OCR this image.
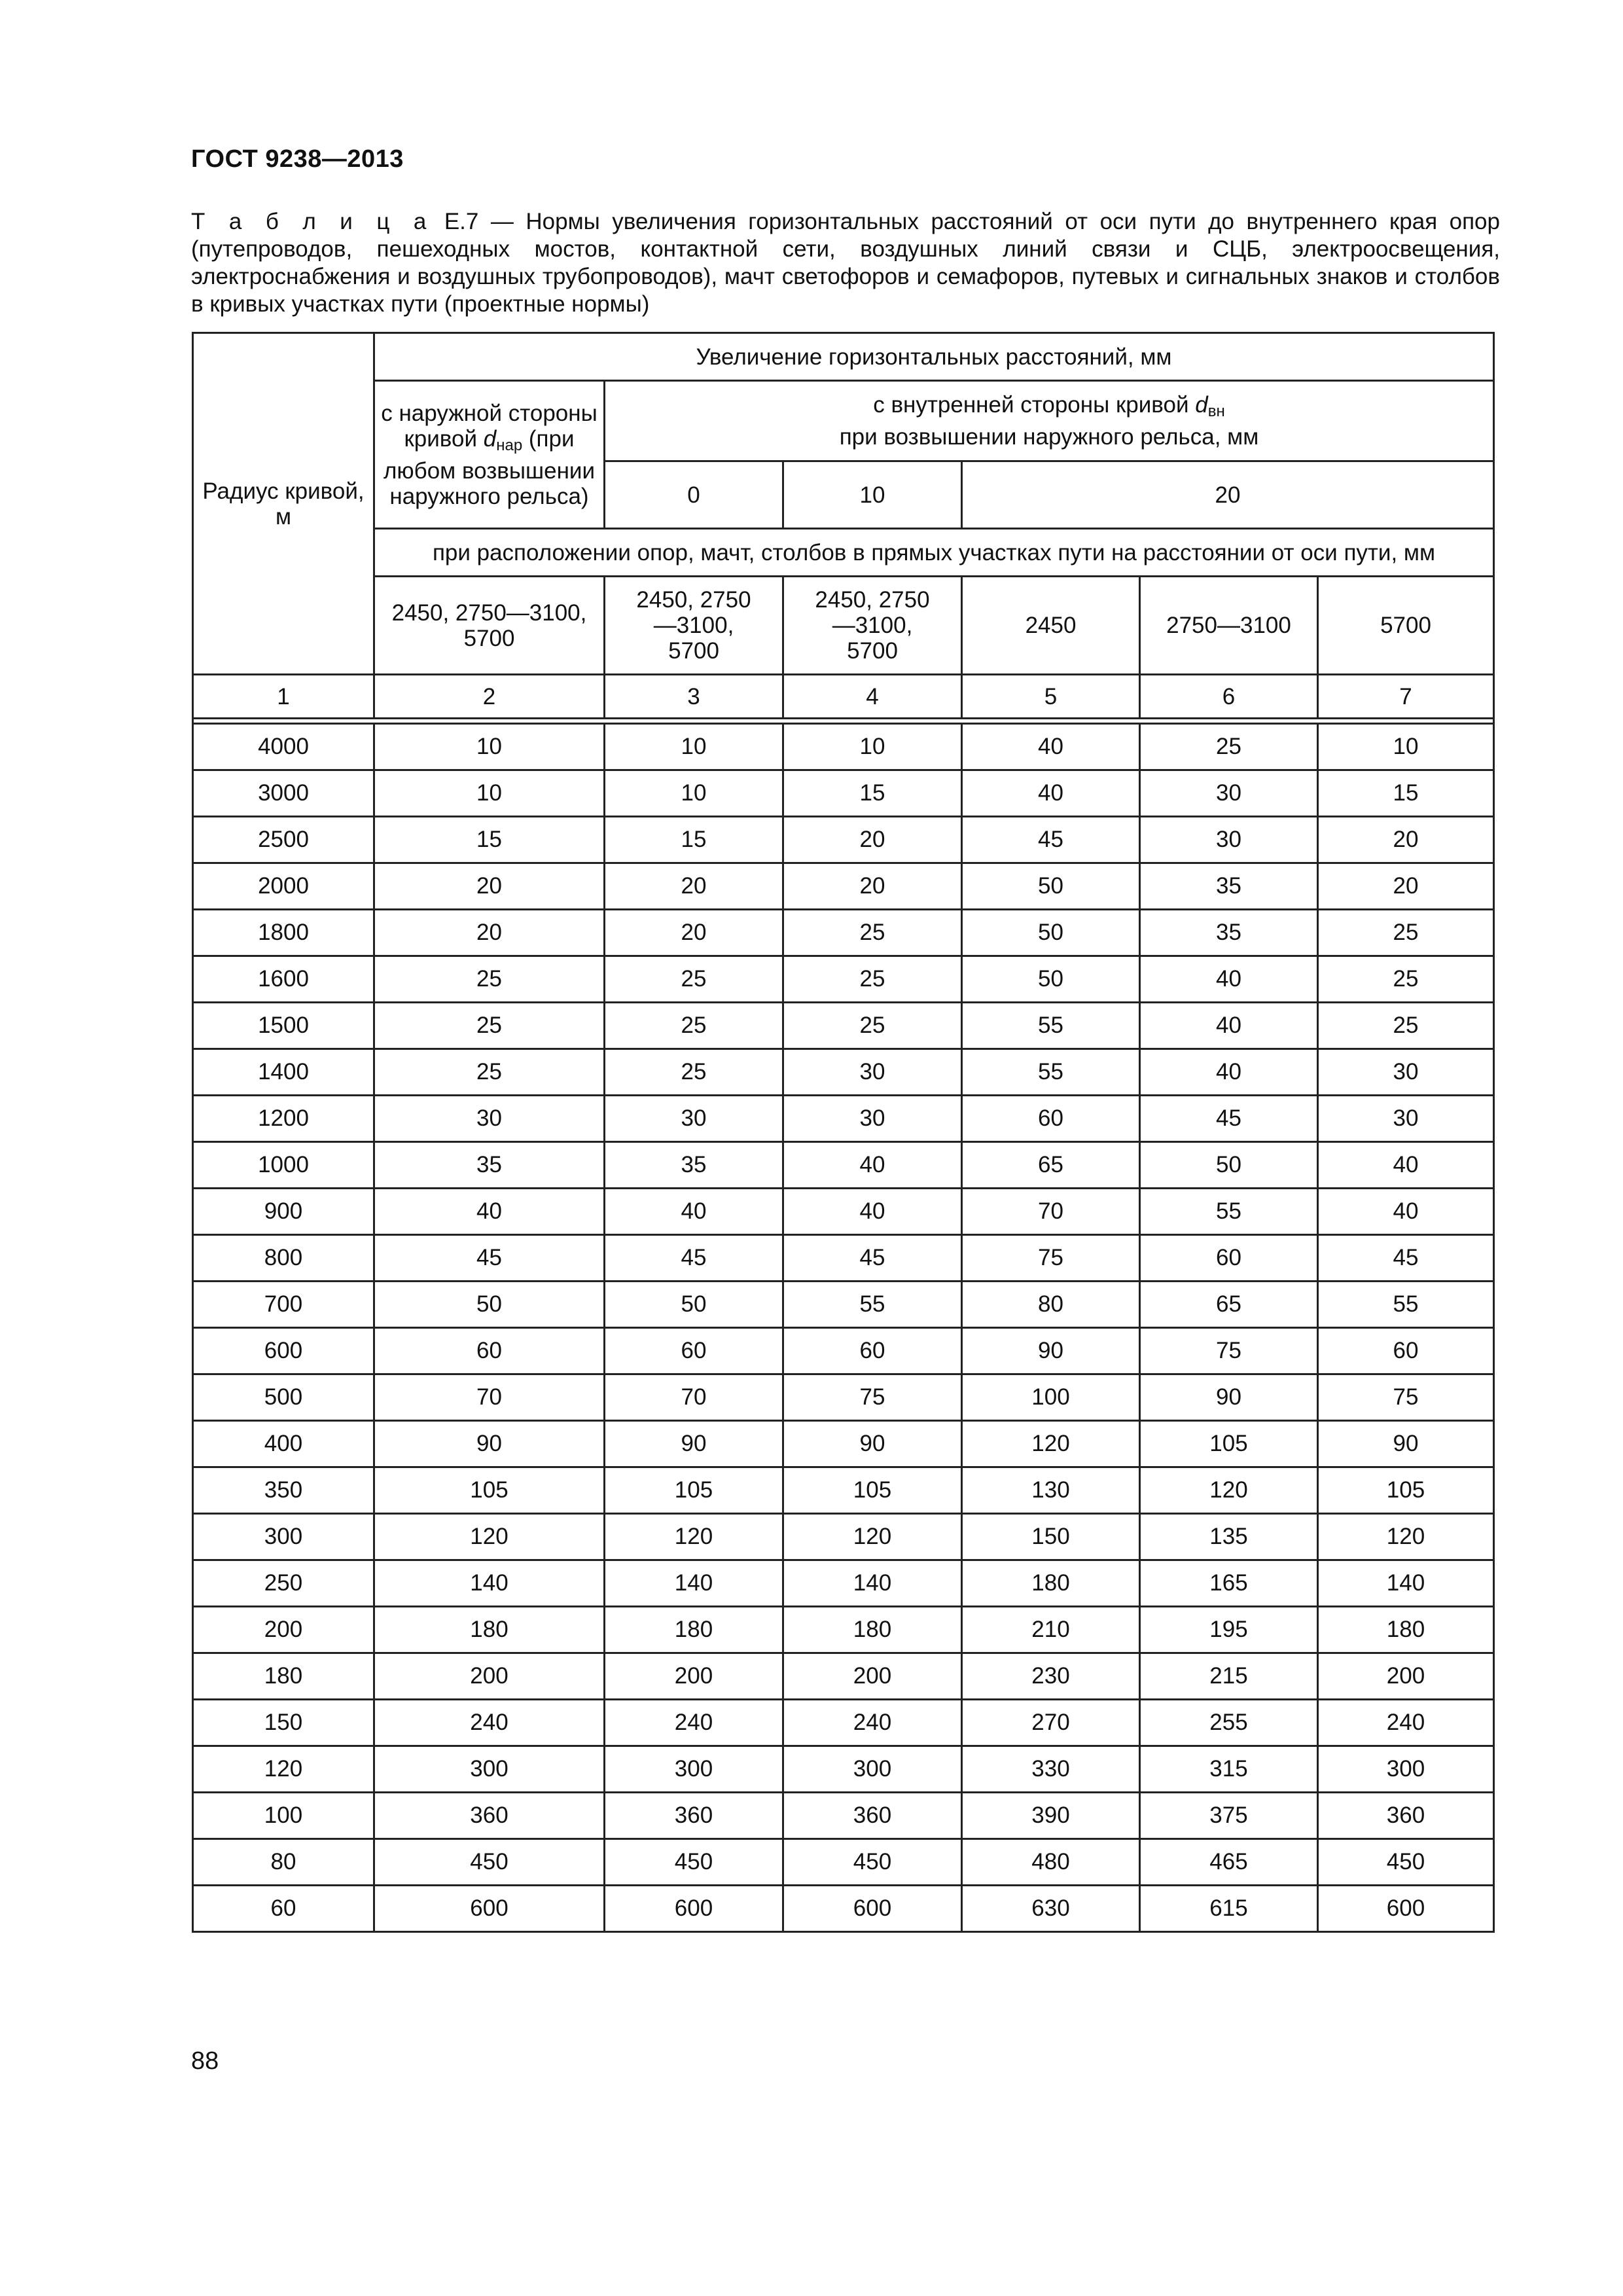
ГОСТ 9238—2013
Т а б л и ц а Е.7 — Нормы увеличения горизонтальных расстояний от оси пути до внутреннего края опор (путепроводов, пешеходных мостов, контактной сети, воздушных линий связи и СЦБ, электроосвещения, электроснабжения и воздушных трубопроводов), мачт светофоров и семафоров, путевых и сигнальных знаков и столбов в кривых участках пути (проектные нормы)
Радиус кривой, м	Увеличение горизонтальных расстояний, мм					
	с наружной стороны кривой $d_{нар}$ (при любом возвышении наружного рельса)	с внутренней стороны кривой $d_{вн}$
при возвышении наружного рельса, мм				
		0	10	20		
	при расположении опор, мачт, столбов в прямых участках пути на расстоянии от оси пути, мм					
	2450, 2750—3100, 5700	2450, 2750—3100, 5700	2450, 2750—3100, 5700	2450	2750—3100	5700
1	2	3	4	5	6	7

4000	10	10	10	40	25	10
3000	10	10	15	40	30	15
2500	15	15	20	45	30	20
2000	20	20	20	50	35	20
1800	20	20	25	50	35	25
1600	25	25	25	50	40	25
1500	25	25	25	55	40	25
1400	25	25	30	55	40	30
1200	30	30	30	60	45	30
1000	35	35	40	65	50	40
900	40	40	40	70	55	40
800	45	45	45	75	60	45
700	50	50	55	80	65	55
600	60	60	60	90	75	60
500	70	70	75	100	90	75
400	90	90	90	120	105	90
350	105	105	105	130	120	105
300	120	120	120	150	135	120
250	140	140	140	180	165	140
200	180	180	180	210	195	180
180	200	200	200	230	215	200
150	240	240	240	270	255	240
120	300	300	300	330	315	300
100	360	360	360	390	375	360
80	450	450	450	480	465	450
60	600	600	600	630	615	600
88
